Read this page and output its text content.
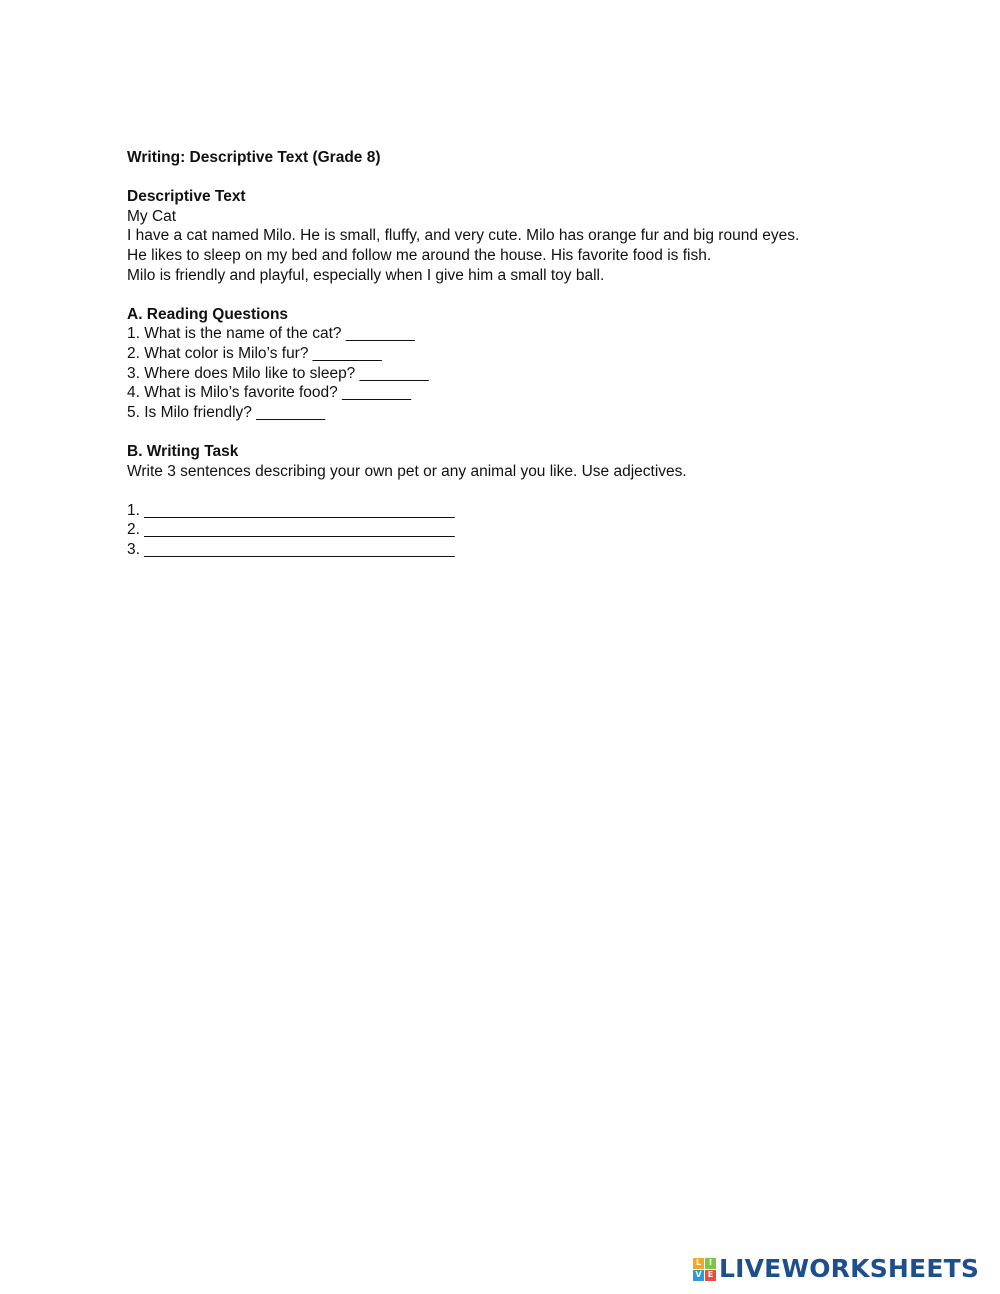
Writing: Descriptive Text (Grade 8)
Descriptive Text
My Cat
I have a cat named Milo. He is small, fluffy, and very cute. Milo has orange fur and big round eyes.
He likes to sleep on my bed and follow me around the house. His favorite food is fish.
Milo is friendly and playful, especially when I give him a small toy ball.
A. Reading Questions
1. What is the name of the cat? ________
2. What color is Milo’s fur? ________
3. Where does Milo like to sleep? ________
4. What is Milo’s favorite food? ________
5. Is Milo friendly? ________
B. Writing Task
Write 3 sentences describing your own pet or any animal you like. Use adjectives.
1. ____________________________________
2. ____________________________________
3. ____________________________________
L I
V E LIVEWORKSHEETS
